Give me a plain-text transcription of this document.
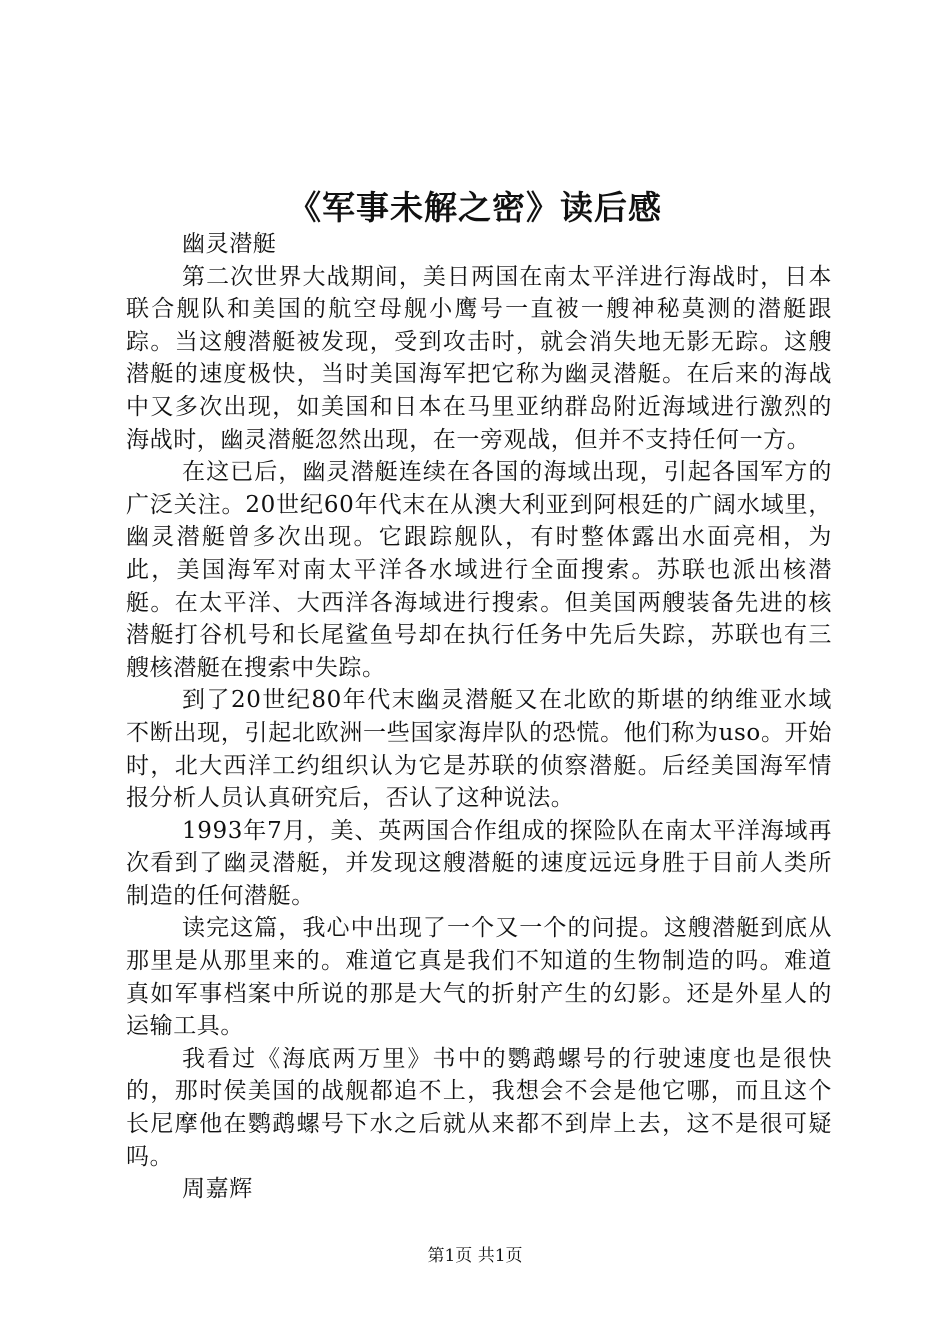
《军事未解之密》读后感
幽灵潜艇

第二次世界大战期间，美日两国在南太平洋进行海战时，日本联合舰队和美国的航空母舰小鹰号一直被一艘神秘莫测的潜艇跟踪。当这艘潜艇被发现，受到攻击时，就会消失地无影无踪。这艘潜艇的速度极快，当时美国海军把它称为幽灵潜艇。在后来的海战中又多次出现，如美国和日本在马里亚纳群岛附近海域进行激烈的海战时，幽灵潜艇忽然出现，在一旁观战，但并不支持任何一方。

在这已后，幽灵潜艇连续在各国的海域出现，引起各国军方的广泛关注。20世纪60年代末在从澳大利亚到阿根廷的广阔水域里，幽灵潜艇曾多次出现。它跟踪舰队，有时整体露出水面亮相，为此，美国海军对南太平洋各水域进行全面搜索。苏联也派出核潜艇。在太平洋、大西洋各海域进行搜索。但美国两艘装备先进的核潜艇打谷机号和长尾鲨鱼号却在执行任务中先后失踪，苏联也有三艘核潜艇在搜索中失踪。

到了20世纪80年代末幽灵潜艇又在北欧的斯堪的纳维亚水域不断出现，引起北欧洲一些国家海岸队的恐慌。他们称为uso。开始时，北大西洋工约组织认为它是苏联的侦察潜艇。后经美国海军情报分析人员认真研究后，否认了这种说法。

1993年7月，美、英两国合作组成的探险队在南太平洋海域再次看到了幽灵潜艇，并发现这艘潜艇的速度远远身胜于目前人类所制造的任何潜艇。

读完这篇，我心中出现了一个又一个的问提。这艘潜艇到底从那里是从那里来的。难道它真是我们不知道的生物制造的吗。难道真如军事档案中所说的那是大气的折射产生的幻影。还是外星人的运输工具。

我看过《海底两万里》书中的鹦鹉螺号的行驶速度也是很快的，那时侯美国的战舰都追不上，我想会不会是他它哪，而且这个长尼摩他在鹦鹉螺号下水之后就从来都不到岸上去，这不是很可疑吗。

周嘉辉
第1页 共1页
